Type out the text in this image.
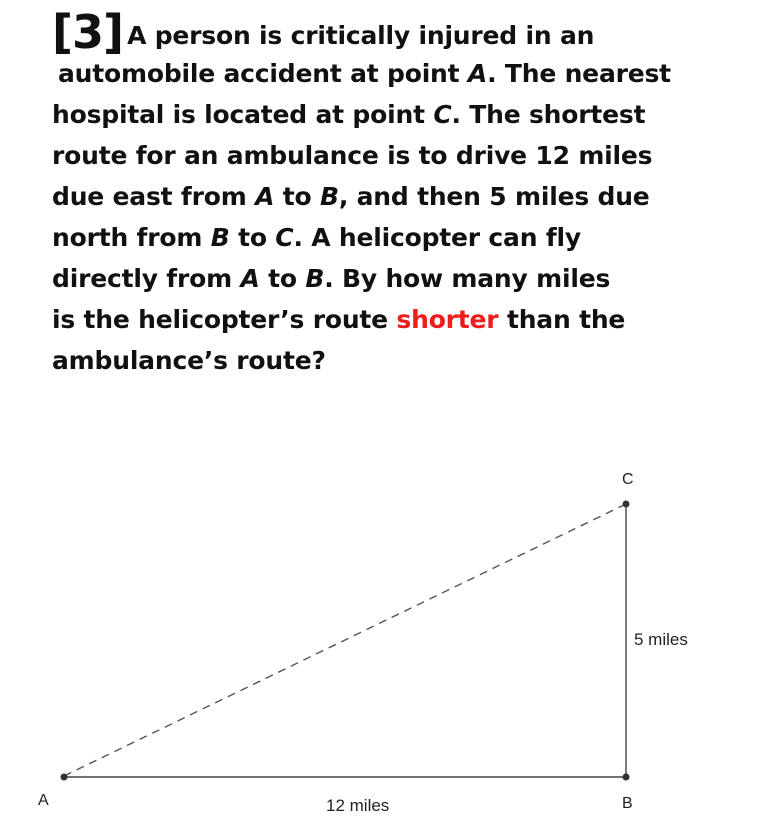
[3] A person is critically injured in an
automobile accident at point A. The nearest
hospital is located at point C. The shortest
route for an ambulance is to drive 12 miles
due east from A to B, and then 5 miles due
north from B to C. A helicopter can fly
directly from A to B. By how many miles
is the helicopter’s route shorter than the
ambulance’s route?
A	B
C
12 miles
5 miles
